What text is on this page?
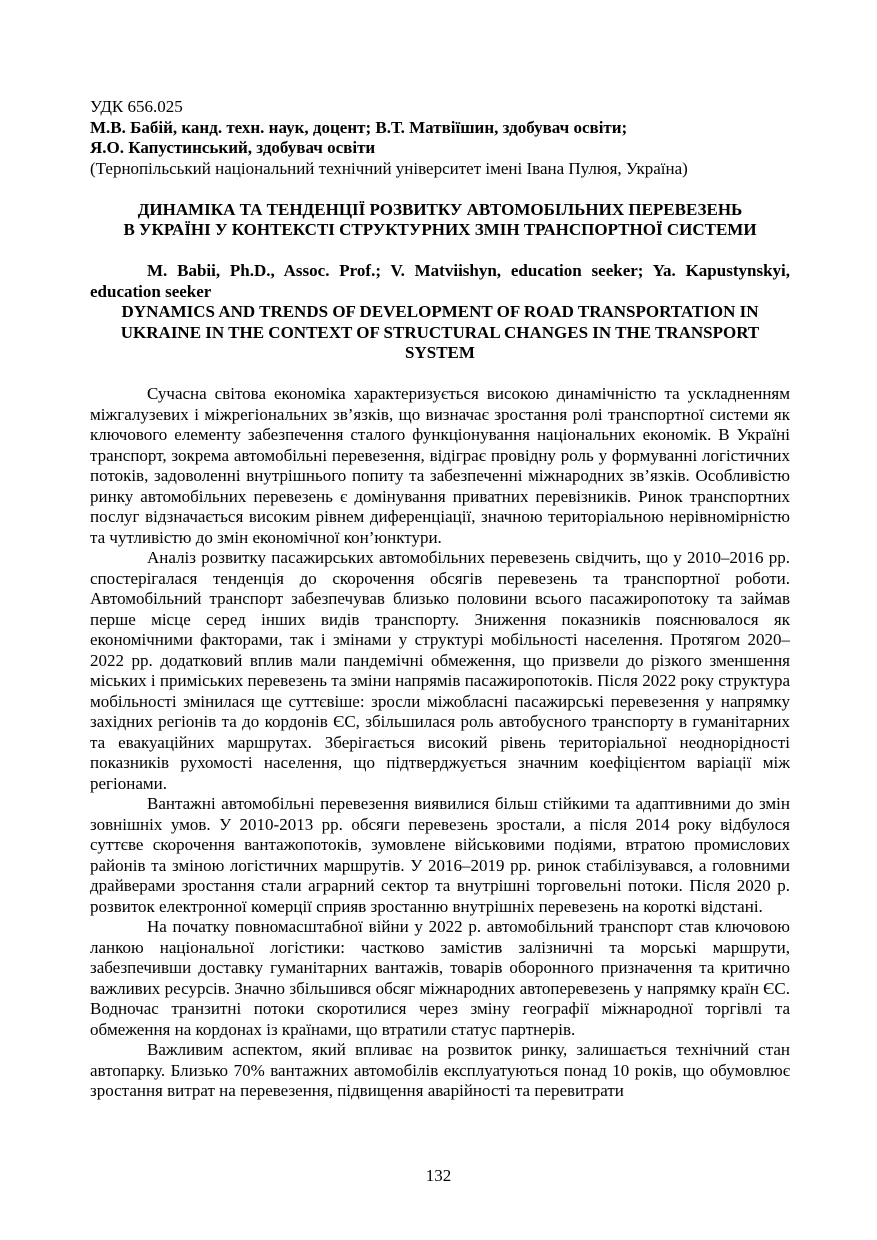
УДК 656.025
М.В. Бабій, канд. техн. наук, доцент; В.Т. Матвіїшин, здобувач освіти;
Я.О. Капустинський, здобувач освіти
(Тернопільський національний технічний університет імені Івана Пулюя, Україна)
ДИНАМІКА ТА ТЕНДЕНЦІЇ РОЗВИТКУ АВТОМОБІЛЬНИХ ПЕРЕВЕЗЕНЬ
В УКРАЇНІ У КОНТЕКСТІ СТРУКТУРНИХ ЗМІН ТРАНСПОРТНОЇ СИСТЕМИ

M. Babii, Ph.D., Assoc. Prof.; V. Matviishyn, education seeker; Ya. Kapustynskyi, education seeker

DYNAMICS AND TRENDS OF DEVELOPMENT OF ROAD TRANSPORTATION IN UKRAINE IN THE CONTEXT OF STRUCTURAL CHANGES IN THE TRANSPORT SYSTEM

Сучасна світова економіка характеризується високою динамічністю та ускладненням міжгалузевих і міжрегіональних зв’язків, що визначає зростання ролі транспортної системи як ключового елементу забезпечення сталого функціонування національних економік. В Україні транспорт, зокрема автомобільні перевезення, відіграє провідну роль у формуванні логістичних потоків, задоволенні внутрішнього попиту та забезпеченні міжнародних зв’язків. Особливістю ринку автомобільних перевезень є домінування приватних перевізників. Ринок транспортних послуг відзначається високим рівнем диференціації, значною територіальною нерівномірністю та чутливістю до змін економічної кон’юнктури.

Аналіз розвитку пасажирських автомобільних перевезень свідчить, що у 2010–2016 рр. спостерігалася тенденція до скорочення обсягів перевезень та транспортної роботи. Автомобільний транспорт забезпечував близько половини всього пасажиропотоку та займав перше місце серед інших видів транспорту. Зниження показників пояснювалося як економічними факторами, так і змінами у структурі мобільності населення. Протягом 2020–2022 рр. додатковий вплив мали пандемічні обмеження, що призвели до різкого зменшення міських і приміських перевезень та зміни напрямів пасажиропотоків. Після 2022 року структура мобільності змінилася ще суттєвіше: зросли міжобласні пасажирські перевезення у напрямку західних регіонів та до кордонів ЄС, збільшилася роль автобусного транспорту в гуманітарних та евакуаційних маршрутах. Зберігається високий рівень територіальної неоднорідності показників рухомості населення, що підтверджується значним коефіцієнтом варіації між регіонами.

Вантажні автомобільні перевезення виявилися більш стійкими та адаптивними до змін зовнішніх умов. У 2010-2013 рр. обсяги перевезень зростали, а після 2014 року відбулося суттєве скорочення вантажопотоків, зумовлене військовими подіями, втратою промислових районів та зміною логістичних маршрутів. У 2016–2019 рр. ринок стабілізувався, а головними драйверами зростання стали аграрний сектор та внутрішні торговельні потоки. Після 2020 р. розвиток електронної комерції сприяв зростанню внутрішніх перевезень на короткі відстані.

На початку повномасштабної війни у 2022 р. автомобільний транспорт став ключовою ланкою національної логістики: частково замістив залізничні та морські маршрути, забезпечивши доставку гуманітарних вантажів, товарів оборонного призначення та критично важливих ресурсів. Значно збільшився обсяг міжнародних автоперевезень у напрямку країн ЄС. Водночас транзитні потоки скоротилися через зміну географії міжнародної торгівлі та обмеження на кордонах із країнами, що втратили статус партнерів.

Важливим аспектом, який впливає на розвиток ринку, залишається технічний стан автопарку. Близько 70% вантажних автомобілів експлуатуються понад 10 років, що обумовлює зростання витрат на перевезення, підвищення аварійності та перевитрати

132
